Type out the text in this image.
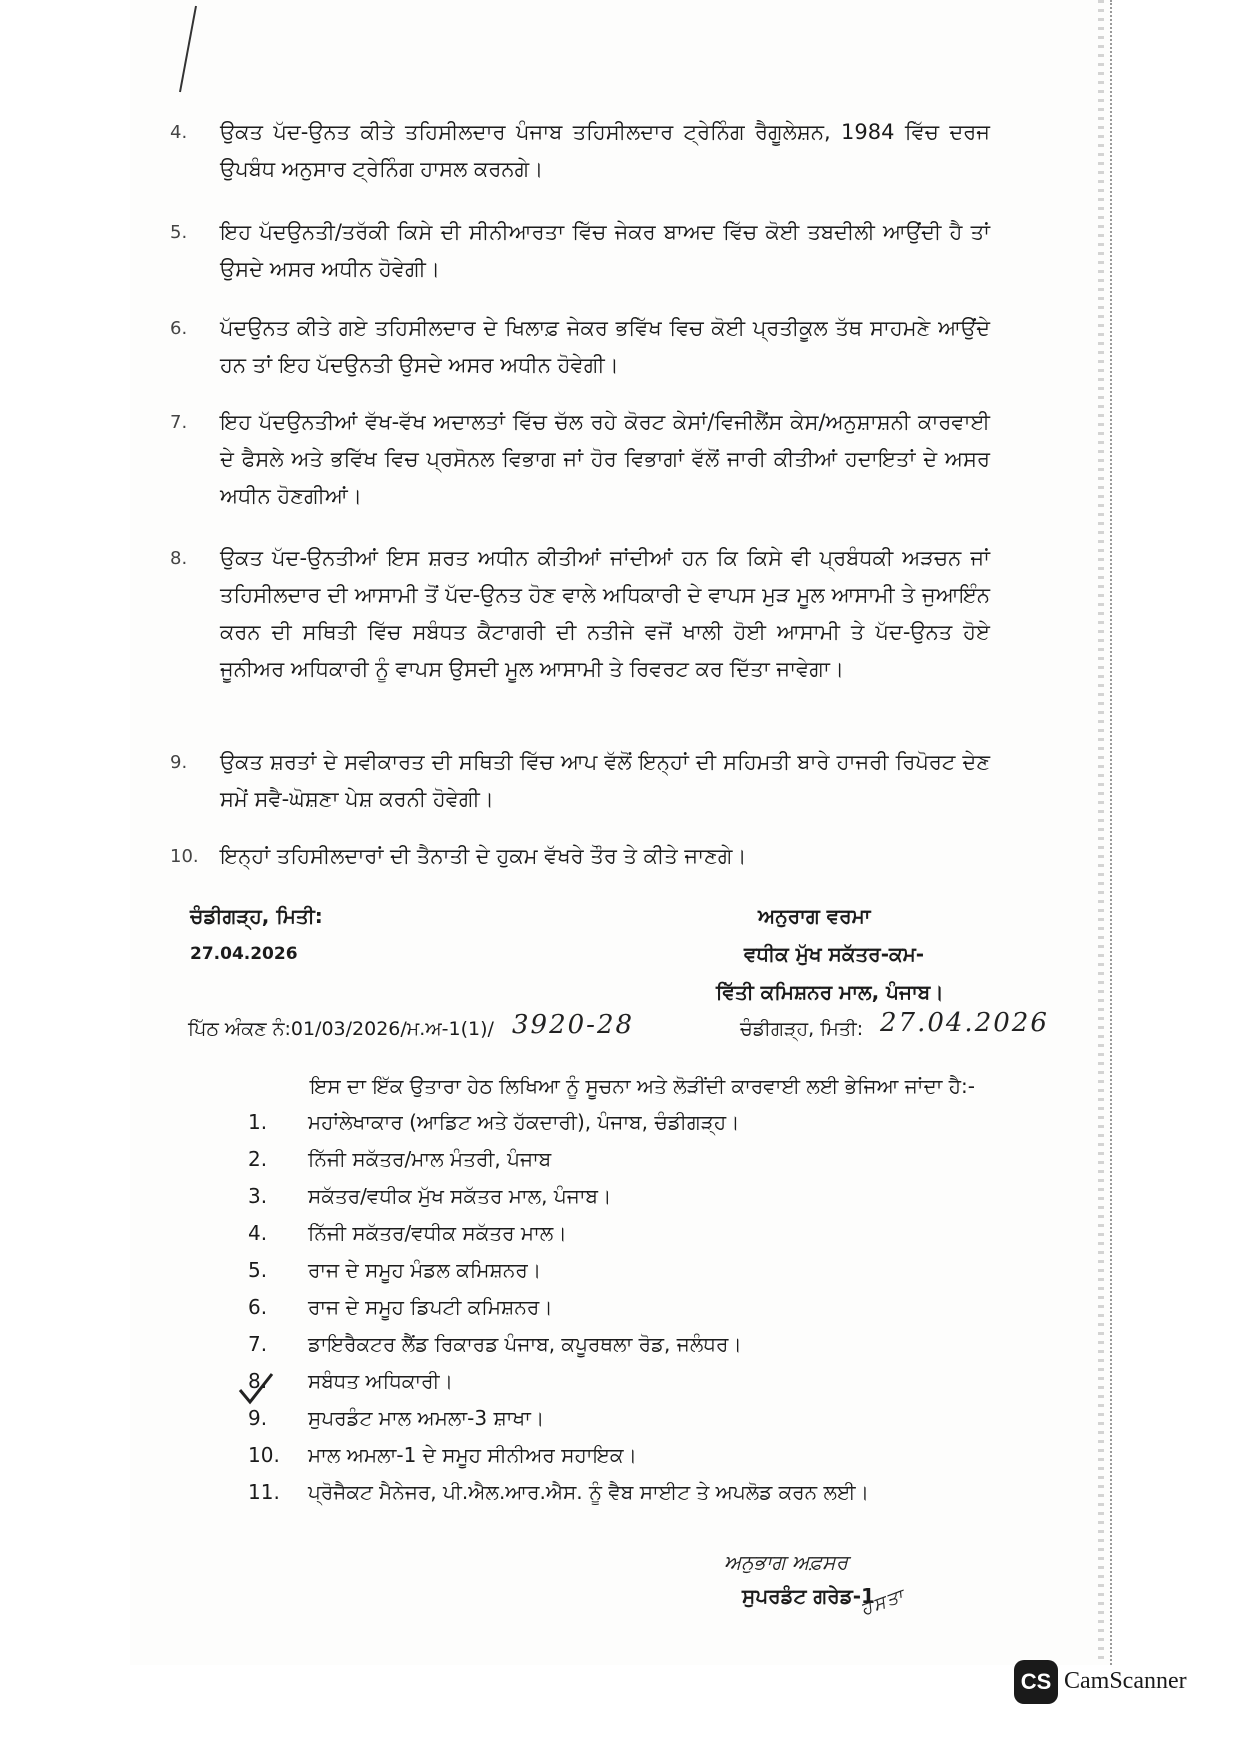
4. ਉਕਤ ਪੱਦ-ਉਨਤ ਕੀਤੇ ਤਹਿਸੀਲਦਾਰ ਪੰਜਾਬ ਤਹਿਸੀਲਦਾਰ ਟ੍ਰੇਨਿੰਗ ਰੈਗੂਲੇਸ਼ਨ, 1984 ਵਿੱਚ ਦਰਜ ਉਪਬੰਧ ਅਨੁਸਾਰ ਟ੍ਰੇਨਿੰਗ ਹਾਸਲ ਕਰਨਗੇ।
5. ਇਹ ਪੱਦਉਨਤੀ/ਤਰੱਕੀ ਕਿਸੇ ਦੀ ਸੀਨੀਆਰਤਾ ਵਿੱਚ ਜੇਕਰ ਬਾਅਦ ਵਿੱਚ ਕੋਈ ਤਬਦੀਲੀ ਆਉਂਦੀ ਹੈ ਤਾਂ ਉਸਦੇ ਅਸਰ ਅਧੀਨ ਹੋਵੇਗੀ।
6. ਪੱਦਉਨਤ ਕੀਤੇ ਗਏ ਤਹਿਸੀਲਦਾਰ ਦੇ ਖਿਲਾਫ਼ ਜੇਕਰ ਭਵਿੱਖ ਵਿਚ ਕੋਈ ਪ੍ਰਤੀਕੂਲ ਤੱਥ ਸਾਹਮਣੇ ਆਉਂਦੇ ਹਨ ਤਾਂ ਇਹ ਪੱਦਉਨਤੀ ਉਸਦੇ ਅਸਰ ਅਧੀਨ ਹੋਵੇਗੀ।
7. ਇਹ ਪੱਦਉਨਤੀਆਂ ਵੱਖ-ਵੱਖ ਅਦਾਲਤਾਂ ਵਿੱਚ ਚੱਲ ਰਹੇ ਕੋਰਟ ਕੇਸਾਂ/ਵਿਜੀਲੈਂਸ ਕੇਸ/ਅਨੁਸ਼ਾਸ਼ਨੀ ਕਾਰਵਾਈ ਦੇ ਫੈਸਲੇ ਅਤੇ ਭਵਿੱਖ ਵਿਚ ਪ੍ਰਸੋਨਲ ਵਿਭਾਗ ਜਾਂ ਹੋਰ ਵਿਭਾਗਾਂ ਵੱਲੋਂ ਜਾਰੀ ਕੀਤੀਆਂ ਹਦਾਇਤਾਂ ਦੇ ਅਸਰ ਅਧੀਨ ਹੋਣਗੀਆਂ।
8. ਉਕਤ ਪੱਦ-ਉਨਤੀਆਂ ਇਸ ਸ਼ਰਤ ਅਧੀਨ ਕੀਤੀਆਂ ਜਾਂਦੀਆਂ ਹਨ ਕਿ ਕਿਸੇ ਵੀ ਪ੍ਰਬੰਧਕੀ ਅੜਚਨ ਜਾਂ ਤਹਿਸੀਲਦਾਰ ਦੀ ਆਸਾਮੀ ਤੋਂ ਪੱਦ-ਉਨਤ ਹੋਣ ਵਾਲੇ ਅਧਿਕਾਰੀ ਦੇ ਵਾਪਸ ਮੁੜ ਮੂਲ ਆਸਾਮੀ ਤੇ ਜੁਆਇੰਨ ਕਰਨ ਦੀ ਸਥਿਤੀ ਵਿੱਚ ਸਬੰਧਤ ਕੈਟਾਗਰੀ ਦੀ ਨਤੀਜੇ ਵਜੋਂ ਖਾਲੀ ਹੋਈ ਆਸਾਮੀ ਤੇ ਪੱਦ-ਉਨਤ ਹੋਏ ਜੂਨੀਅਰ ਅਧਿਕਾਰੀ ਨੂੰ ਵਾਪਸ ਉਸਦੀ ਮੂਲ ਆਸਾਮੀ ਤੇ ਰਿਵਰਟ ਕਰ ਦਿੱਤਾ ਜਾਵੇਗਾ।
9. ਉਕਤ ਸ਼ਰਤਾਂ ਦੇ ਸਵੀਕਾਰਤ ਦੀ ਸਥਿਤੀ ਵਿੱਚ ਆਪ ਵੱਲੋਂ ਇਨ੍ਹਾਂ ਦੀ ਸਹਿਮਤੀ ਬਾਰੇ ਹਾਜਰੀ ਰਿਪੋਰਟ ਦੇਣ ਸਮੇਂ ਸਵੈ-ਘੋਸ਼ਣਾ ਪੇਸ਼ ਕਰਨੀ ਹੋਵੇਗੀ।
10. ਇਨ੍ਹਾਂ ਤਹਿਸੀਲਦਾਰਾਂ ਦੀ ਤੈਨਾਤੀ ਦੇ ਹੁਕਮ ਵੱਖਰੇ ਤੌਰ ਤੇ ਕੀਤੇ ਜਾਣਗੇ।
ਚੰਡੀਗੜ੍ਹ, ਮਿਤੀ:
27.04.2026
ਅਨੁਰਾਗ ਵਰਮਾ
ਵਧੀਕ ਮੁੱਖ ਸਕੱਤਰ-ਕਮ-
ਵਿੱਤੀ ਕਮਿਸ਼ਨਰ ਮਾਲ, ਪੰਜਾਬ।
ਪਿੱਠ ਅੰਕਣ ਨੰ:01/03/2026/ਮ.ਅ-1(1)/ 3920-28	ਚੰਡੀਗੜ੍ਹ, ਮਿਤੀ: 27.04.2026
ਇਸ ਦਾ ਇੱਕ ਉਤਾਰਾ ਹੇਠ ਲਿਖਿਆ ਨੂੰ ਸੂਚਨਾ ਅਤੇ ਲੋੜੀਂਦੀ ਕਾਰਵਾਈ ਲਈ ਭੇਜਿਆ ਜਾਂਦਾ ਹੈ:-
1.	ਮਹਾਂਲੇਖਾਕਾਰ (ਆਡਿਟ ਅਤੇ ਹੱਕਦਾਰੀ), ਪੰਜਾਬ, ਚੰਡੀਗੜ੍ਹ।
2.	ਨਿੱਜੀ ਸਕੱਤਰ/ਮਾਲ ਮੰਤਰੀ, ਪੰਜਾਬ
3.	ਸਕੱਤਰ/ਵਧੀਕ ਮੁੱਖ ਸਕੱਤਰ ਮਾਲ, ਪੰਜਾਬ।
4.	ਨਿੱਜੀ ਸਕੱਤਰ/ਵਧੀਕ ਸਕੱਤਰ ਮਾਲ।
5.	ਰਾਜ ਦੇ ਸਮੂਹ ਮੰਡਲ ਕਮਿਸ਼ਨਰ।
6.	ਰਾਜ ਦੇ ਸਮੂਹ ਡਿਪਟੀ ਕਮਿਸ਼ਨਰ।
7.	ਡਾਇਰੈਕਟਰ ਲੈਂਡ ਰਿਕਾਰਡ ਪੰਜਾਬ, ਕਪੂਰਥਲਾ ਰੋਡ, ਜਲੰਧਰ।
8.	ਸਬੰਧਤ ਅਧਿਕਾਰੀ।
9.	ਸੁਪਰਡੰਟ ਮਾਲ ਅਮਲਾ-3 ਸ਼ਾਖਾ।
10.	ਮਾਲ ਅਮਲਾ-1 ਦੇ ਸਮੂਹ ਸੀਨੀਅਰ ਸਹਾਇਕ।
11.	ਪ੍ਰੋਜੈਕਟ ਮੈਨੇਜਰ, ਪੀ.ਐਲ.ਆਰ.ਐਸ. ਨੂੰ ਵੈਬ ਸਾਈਟ ਤੇ ਅਪਲੋਡ ਕਰਨ ਲਈ।
ਅਨੁਭਾਗ ਅਫ਼ਸਰ
ਸੁਪਰਡੰਟ ਗਰੇਡ-1
ਹਸਤਾ
CS CamScanner
